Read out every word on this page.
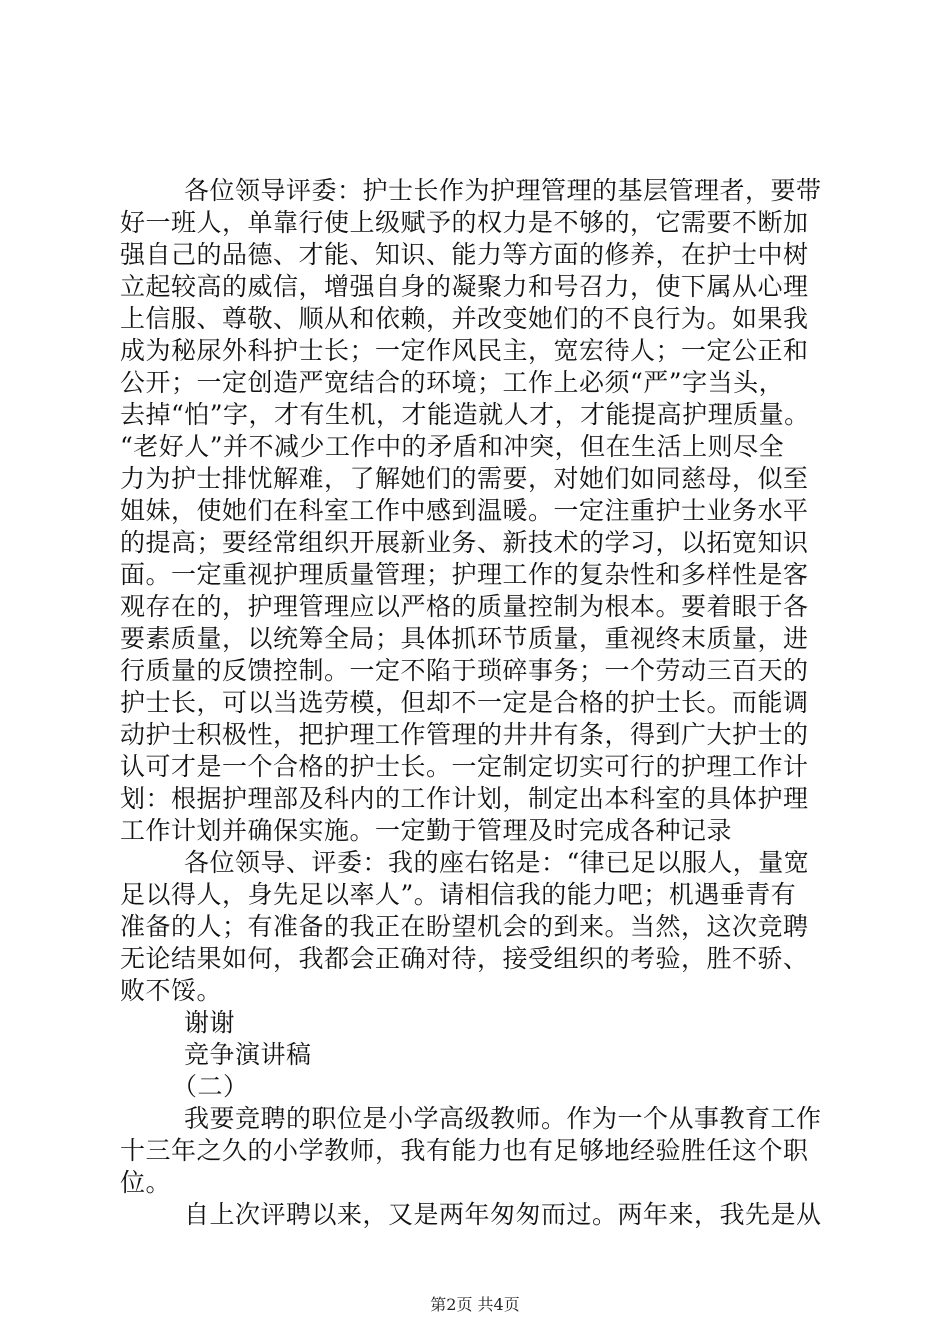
各位领导评委：护士长作为护理管理的基层管理者，要带
好一班人，单靠行使上级赋予的权力是不够的，它需要不断加
强自己的品德、才能、知识、能力等方面的修养，在护士中树
立起较高的威信，增强自身的凝聚力和号召力，使下属从心理
上信服、尊敬、顺从和依赖，并改变她们的不良行为。如果我
成为秘尿外科护士长；一定作风民主，宽宏待人；一定公正和
公开；一定创造严宽结合的环境；工作上必须“严”字当头，
去掉“怕”字，才有生机，才能造就人才，才能提高护理质量。
“老好人”并不减少工作中的矛盾和冲突，但在生活上则尽全
力为护士排忧解难，了解她们的需要，对她们如同慈母，似至
姐妹，使她们在科室工作中感到温暖。一定注重护士业务水平
的提高；要经常组织开展新业务、新技术的学习，以拓宽知识
面。一定重视护理质量管理；护理工作的复杂性和多样性是客
观存在的，护理管理应以严格的质量控制为根本。要着眼于各
要素质量，以统筹全局；具体抓环节质量，重视终末质量，进
行质量的反馈控制。一定不陷于琐碎事务；一个劳动三百天的
护士长，可以当选劳模，但却不一定是合格的护士长。而能调
动护士积极性，把护理工作管理的井井有条，得到广大护士的
认可才是一个合格的护士长。一定制定切实可行的护理工作计
划：根据护理部及科内的工作计划，制定出本科室的具体护理
工作计划并确保实施。一定勤于管理及时完成各种记录
各位领导、评委：我的座右铭是：“律已足以服人，量宽
足以得人，身先足以率人”。请相信我的能力吧；机遇垂青有
准备的人；有准备的我正在盼望机会的到来。当然，这次竞聘
无论结果如何，我都会正确对待，接受组织的考验，胜不骄、
败不馁。
谢谢
竞争演讲稿
（二）
我要竞聘的职位是小学高级教师。作为一个从事教育工作
十三年之久的小学教师，我有能力也有足够地经验胜任这个职
位。
自上次评聘以来，又是两年匆匆而过。两年来，我先是从
第2页 共4页
